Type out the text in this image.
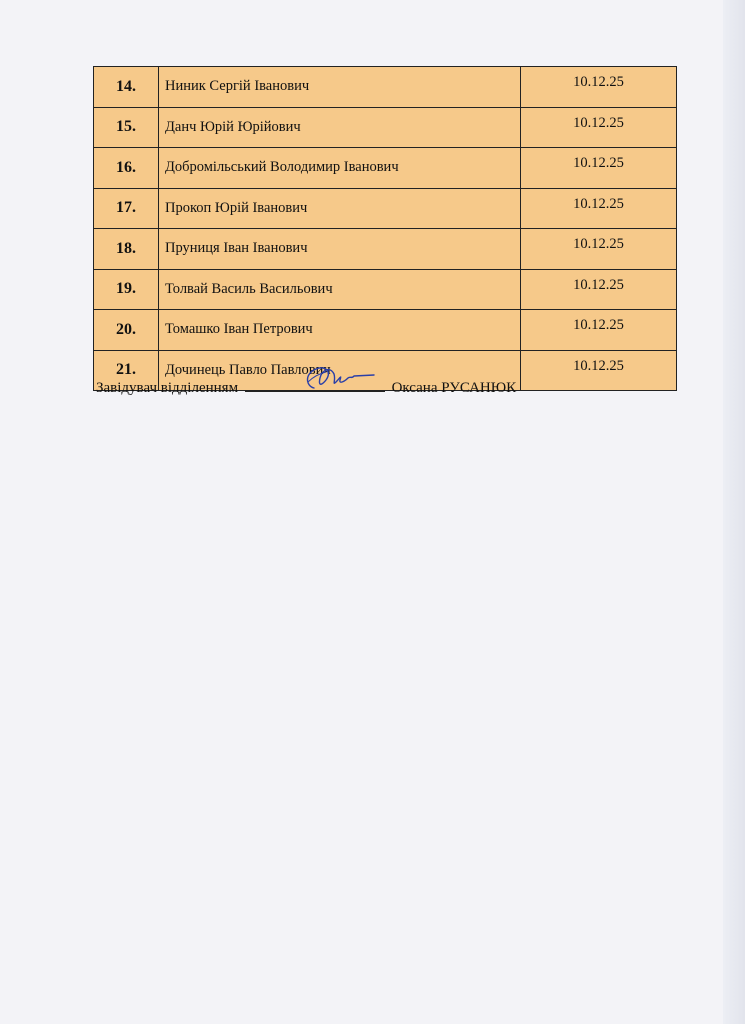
14.	Ниник Сергій Іванович	10.12.25
15.	Данч Юрій Юрійович	10.12.25
16.	Добромільський Володимир Іванович	10.12.25
17.	Прокоп Юрій Іванович	10.12.25
18.	Пруниця Іван Іванович	10.12.25
19.	Толвай Василь Васильович	10.12.25
20.	Томашко Іван Петрович	10.12.25
21.	Дочинець Павло Павлович	10.12.25
Завідувач відділенням	Оксана РУСАНЮК
